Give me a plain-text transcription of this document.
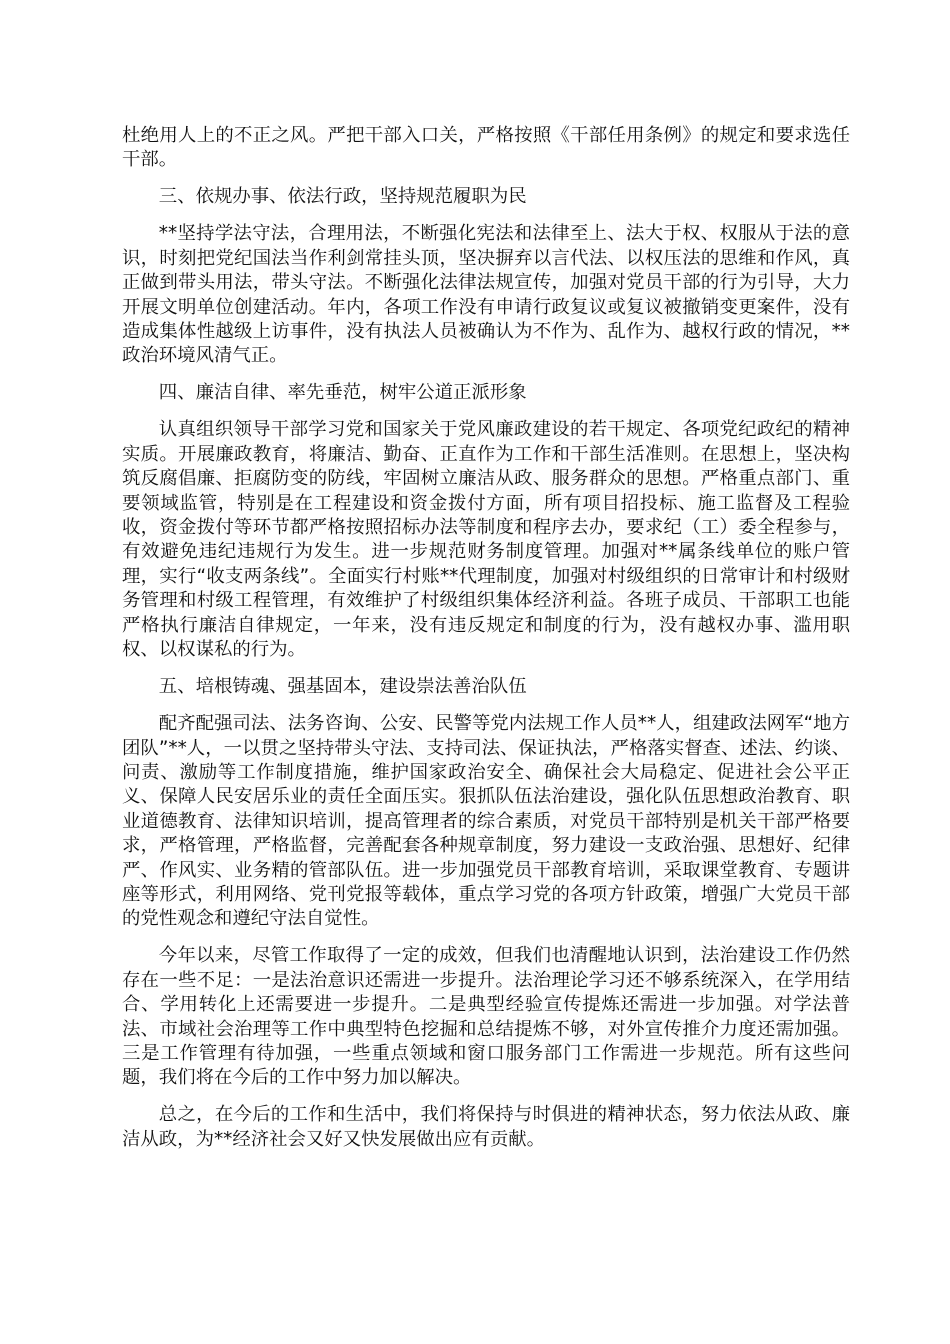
杜绝用人上的不正之风。严把干部入口关，严格按照《干部任用条例》的规定和要求选任干部。

三、依规办事、依法行政，坚持规范履职为民

**坚持学法守法，合理用法，不断强化宪法和法律至上、法大于权、权服从于法的意识，时刻把党纪国法当作利剑常挂头顶，坚决摒弃以言代法、以权压法的思维和作风，真正做到带头用法，带头守法。不断强化法律法规宣传，加强对党员干部的行为引导，大力开展文明单位创建活动。年内，各项工作没有申请行政复议或复议被撤销变更案件，没有造成集体性越级上访事件，没有执法人员被确认为不作为、乱作为、越权行政的情况，**政治环境风清气正。

四、廉洁自律、率先垂范，树牢公道正派形象

认真组织领导干部学习党和国家关于党风廉政建设的若干规定、各项党纪政纪的精神实质。开展廉政教育，将廉洁、勤奋、正直作为工作和干部生活准则。在思想上，坚决构筑反腐倡廉、拒腐防变的防线，牢固树立廉洁从政、服务群众的思想。严格重点部门、重要领域监管，特别是在工程建设和资金拨付方面，所有项目招投标、施工监督及工程验收，资金拨付等环节都严格按照招标办法等制度和程序去办，要求纪（工）委全程参与，有效避免违纪违规行为发生。进一步规范财务制度管理。加强对**属条线单位的账户管理，实行“收支两条线”。全面实行村账**代理制度，加强对村级组织的日常审计和村级财务管理和村级工程管理，有效维护了村级组织集体经济利益。各班子成员、干部职工也能严格执行廉洁自律规定，一年来，没有违反规定和制度的行为，没有越权办事、滥用职权、以权谋私的行为。

五、培根铸魂、强基固本，建设崇法善治队伍

配齐配强司法、法务咨询、公安、民警等党内法规工作人员**人，组建政法网军“地方团队”**人，一以贯之坚持带头守法、支持司法、保证执法，严格落实督查、述法、约谈、问责、激励等工作制度措施，维护国家政治安全、确保社会大局稳定、促进社会公平正义、保障人民安居乐业的责任全面压实。狠抓队伍法治建设，强化队伍思想政治教育、职业道德教育、法律知识培训，提高管理者的综合素质，对党员干部特别是机关干部严格要求，严格管理，严格监督，完善配套各种规章制度，努力建设一支政治强、思想好、纪律严、作风实、业务精的管部队伍。进一步加强党员干部教育培训，采取课堂教育、专题讲座等形式，利用网络、党刊党报等载体，重点学习党的各项方针政策，增强广大党员干部的党性观念和遵纪守法自觉性。

今年以来，尽管工作取得了一定的成效，但我们也清醒地认识到，法治建设工作仍然存在一些不足：一是法治意识还需进一步提升。法治理论学习还不够系统深入，在学用结合、学用转化上还需要进一步提升。二是典型经验宣传提炼还需进一步加强。对学法普法、市域社会治理等工作中典型特色挖掘和总结提炼不够，对外宣传推介力度还需加强。三是工作管理有待加强，一些重点领域和窗口服务部门工作需进一步规范。所有这些问题，我们将在今后的工作中努力加以解决。

总之，在今后的工作和生活中，我们将保持与时俱进的精神状态，努力依法从政、廉洁从政，为**经济社会又好又快发展做出应有贡献。
